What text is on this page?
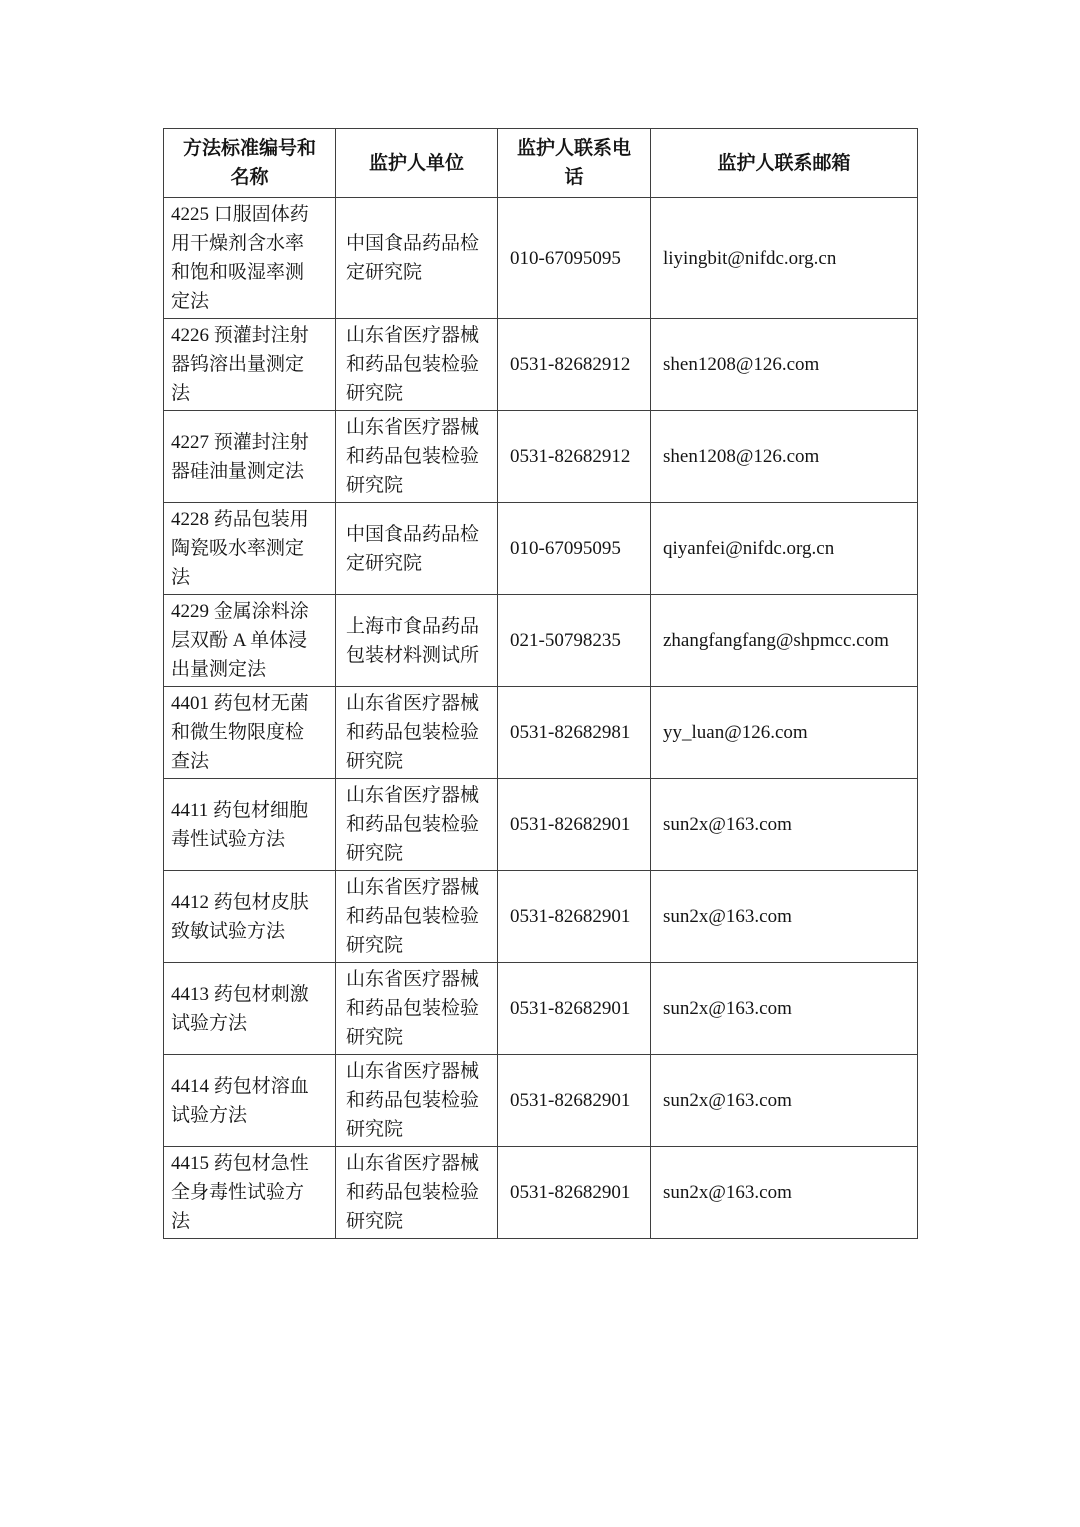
方法标准编号和名称	监护人单位	监护人联系电话	监护人联系邮箱
4225 口服固体药用干燥剂含水率和饱和吸湿率测定法	中国食品药品检定研究院	010-67095095	liyingbit@nifdc.org.cn
4226 预灌封注射器钨溶出量测定法	山东省医疗器械和药品包装检验研究院	0531-82682912	shen1208@126.com
4227 预灌封注射器硅油量测定法	山东省医疗器械和药品包装检验研究院	0531-82682912	shen1208@126.com
4228 药品包装用陶瓷吸水率测定法	中国食品药品检定研究院	010-67095095	qiyanfei@nifdc.org.cn
4229 金属涂料涂层双酚 A 单体浸出量测定法	上海市食品药品包装材料测试所	021-50798235	zhangfangfang@shpmcc.com
4401 药包材无菌和微生物限度检查法	山东省医疗器械和药品包装检验研究院	0531-82682981	yy_luan@126.com
4411 药包材细胞毒性试验方法	山东省医疗器械和药品包装检验研究院	0531-82682901	sun2x@163.com
4412 药包材皮肤致敏试验方法	山东省医疗器械和药品包装检验研究院	0531-82682901	sun2x@163.com
4413 药包材刺激试验方法	山东省医疗器械和药品包装检验研究院	0531-82682901	sun2x@163.com
4414 药包材溶血试验方法	山东省医疗器械和药品包装检验研究院	0531-82682901	sun2x@163.com
4415 药包材急性全身毒性试验方法	山东省医疗器械和药品包装检验研究院	0531-82682901	sun2x@163.com
